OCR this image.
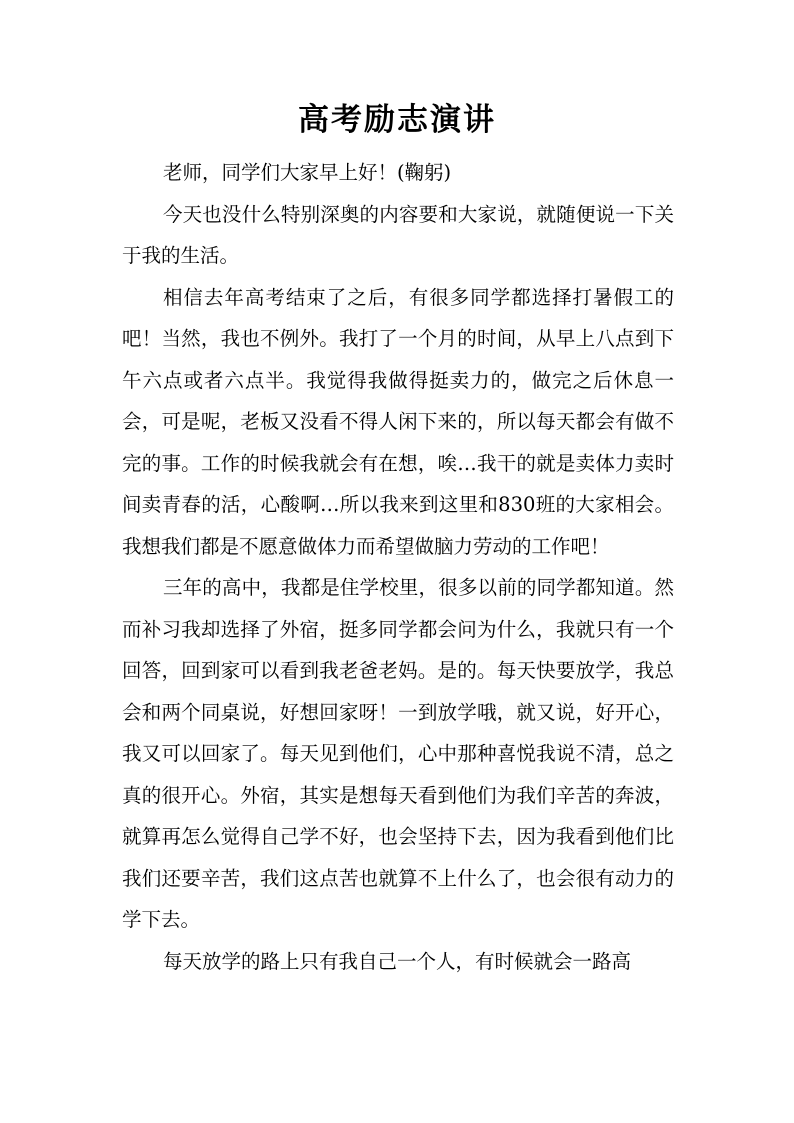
高考励志演讲

老师，同学们大家早上好！(鞠躬)

今天也没什么特别深奥的内容要和大家说，就随便说一下关于我的生活。

相信去年高考结束了之后，有很多同学都选择打暑假工的吧！当然，我也不例外。我打了一个月的时间，从早上八点到下午六点或者六点半。我觉得我做得挺卖力的，做完之后休息一会，可是呢，老板又没看不得人闲下来的，所以每天都会有做不完的事。工作的时候我就会有在想，唉…我干的就是卖体力卖时间卖青春的活，心酸啊…所以我来到这里和830班的大家相会。我想我们都是不愿意做体力而希望做脑力劳动的工作吧！

三年的高中，我都是住学校里，很多以前的同学都知道。然而补习我却选择了外宿，挺多同学都会问为什么，我就只有一个回答，回到家可以看到我老爸老妈。是的。每天快要放学，我总会和两个同桌说，好想回家呀！一到放学哦，就又说，好开心，我又可以回家了。每天见到他们，心中那种喜悦我说不清，总之真的很开心。外宿，其实是想每天看到他们为我们辛苦的奔波，就算再怎么觉得自己学不好，也会坚持下去，因为我看到他们比我们还要辛苦，我们这点苦也就算不上什么了，也会很有动力的学下去。

每天放学的路上只有我自己一个人，有时候就会一路高
